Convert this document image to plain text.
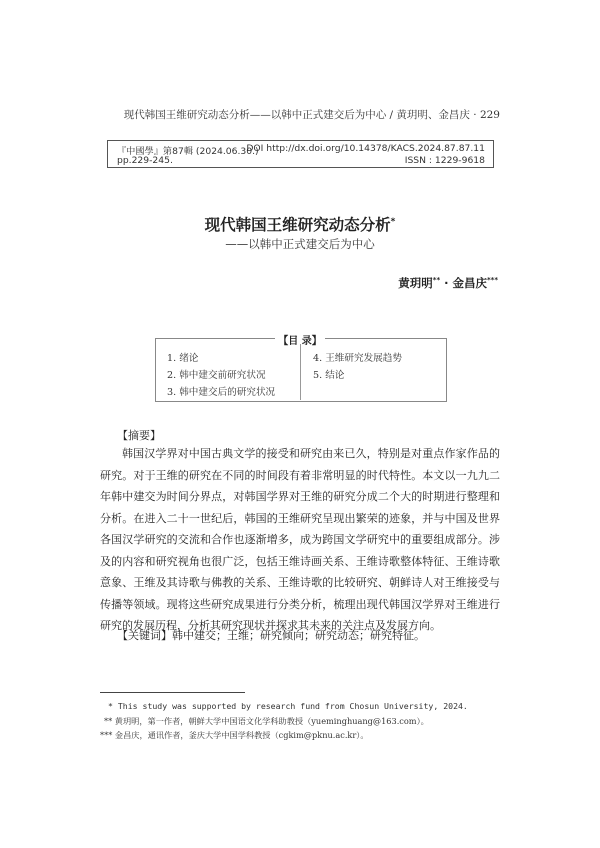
现代韩国王维研究动态分析——以韩中正式建交后为中心 / 黄玥明、金昌庆 · 229
『中國學』第87輯 (2024.06.30.)
pp.229-245.
DOI http://dx.doi.org/10.14378/KACS.2024.87.87.11
ISSN : 1229-9618
现代韩国王维研究动态分析*
——以韩中正式建交后为中心
黄玥明** · 金昌庆***
【目 录】
1. 绪论
2. 韩中建交前研究状况
3. 韩中建交后的研究状况
4. 王维研究发展趋势
5. 结论
【摘要】

韩国汉学界对中国古典文学的接受和研究由来已久，特别是对重点作家作品的研究。对于王维的研究在不同的时间段有着非常明显的时代特性。本文以一九九二年韩中建交为时间分界点，对韩国学界对王维的研究分成二个大的时期进行整理和分析。在进入二十一世纪后，韩国的王维研究呈现出繁荣的迹象，并与中国及世界各国汉学研究的交流和合作也逐渐增多，成为跨国文学研究中的重要组成部分。涉及的内容和研究视角也很广泛，包括王维诗画关系、王维诗歌整体特征、王维诗歌意象、王维及其诗歌与佛教的关系、王维诗歌的比较研究、朝鲜诗人对王维接受与传播等领域。现将这些研究成果进行分类分析，梳理出现代韩国汉学界对王维进行研究的发展历程，分析其研究现状并探求其未来的关注点及发展方向。

【关键词】韩中建交；王维；研究倾向；研究动态；研究特征。
* This study was supported by research fund from Chosun University, 2024.
** 黄玥明，第一作者，朝鲜大学中国语文化学科助教授（yueminghuang@163.com）。
*** 金昌庆，通讯作者，釜庆大学中国学科教授（cgkim@pknu.ac.kr）。
